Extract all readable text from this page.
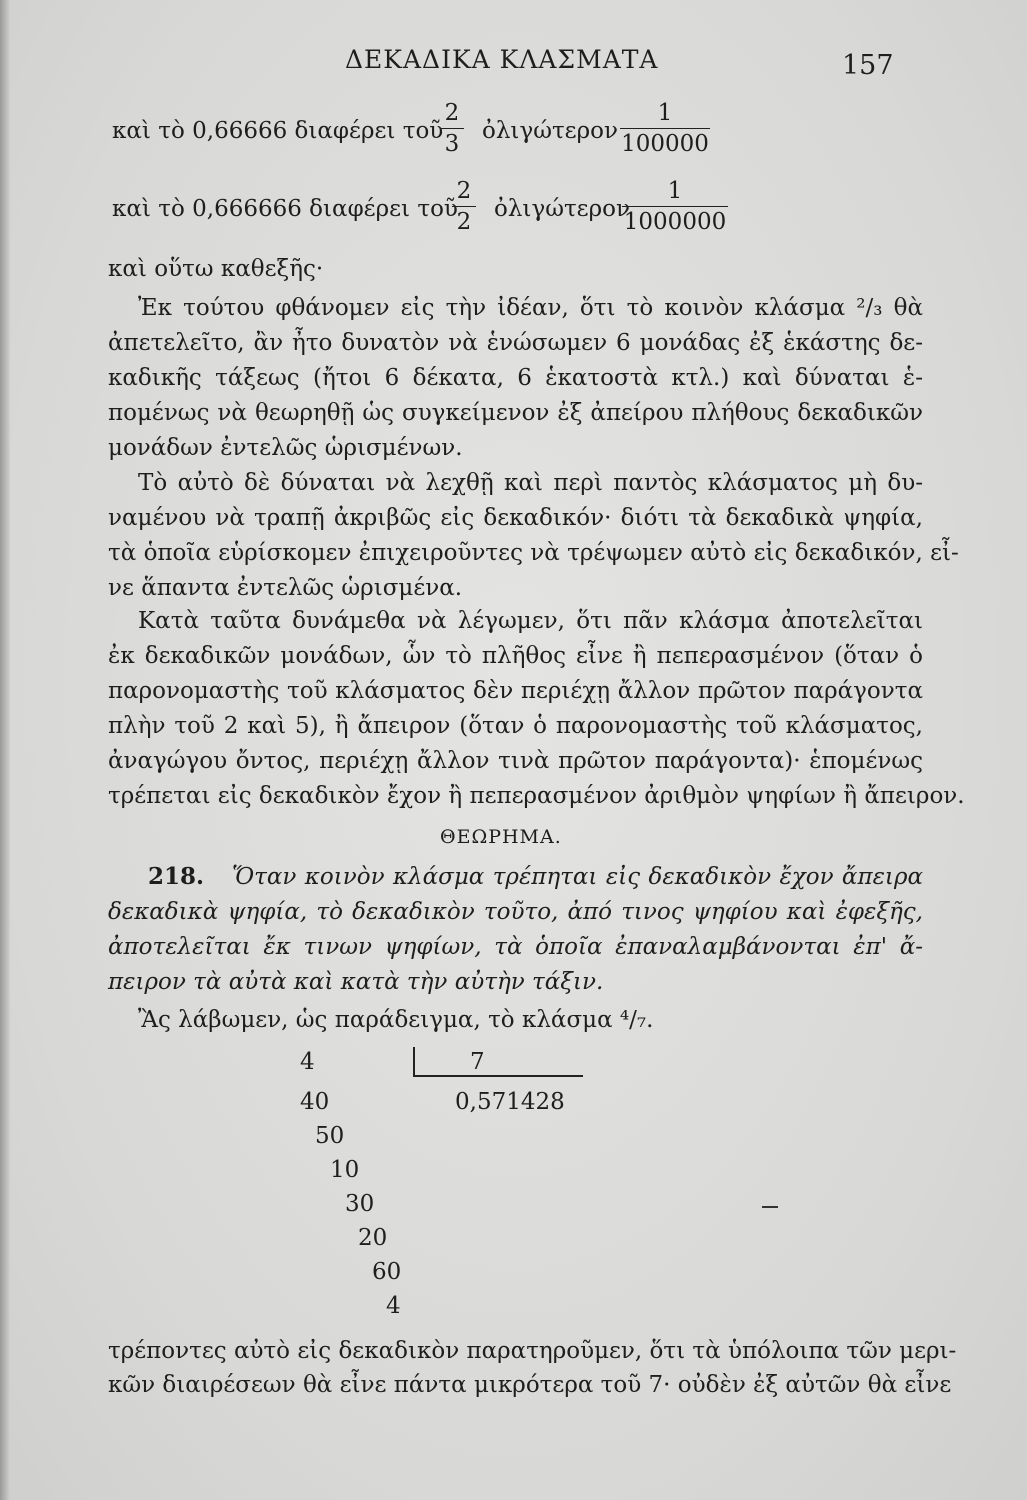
ΔΕΚΑΔΙΚΑ ΚΛΑΣΜΑΤΑ	157
καὶ τὸ 0,66666 διαφέρει τοῦ
$\frac{2}{3}$ ὀλιγώτερον $\frac{1}{100000}$
καὶ τὸ 0,666666 διαφέρει τοῦ
$\frac{2}{2}$ ὀλιγώτερον
$\frac{1}{1000000}$
καὶ οὕτω καθεξῆς·
Ἐκ τούτου φθάνομεν εἰς τὴν ἰδέαν, ὅτι τὸ κοινὸν κλάσμα ²/₃ θὰ
ἀπετελεῖτο, ἂν ἦτο δυνατὸν νὰ ἑνώσωμεν 6 μονάδας ἐξ ἑκάστης δε-
καδικῆς τάξεως (ἤτοι 6 δέκατα, 6 ἑκατοστὰ κτλ.) καὶ δύναται ἑ-
πομένως νὰ θεωρηθῇ ὡς συγκείμενον ἐξ ἀπείρου πλήθους δεκαδικῶν
μονάδων ἐντελῶς ὡρισμένων.
Τὸ αὐτὸ δὲ δύναται νὰ λεχθῇ καὶ περὶ παντὸς κλάσματος μὴ δυ-
ναμένου νὰ τραπῇ ἀκριβῶς εἰς δεκαδικόν· διότι τὰ δεκαδικὰ ψηφία,
τὰ ὁποῖα εὑρίσκομεν ἐπιχειροῦντες νὰ τρέψωμεν αὐτὸ εἰς δεκαδικόν, εἶ-
νε ἅπαντα ἐντελῶς ὡρισμένα.
Κατὰ ταῦτα δυνάμεθα νὰ λέγωμεν, ὅτι πᾶν κλάσμα ἀποτελεῖται
ἐκ δεκαδικῶν μονάδων, ὧν τὸ πλῆθος εἶνε ἢ πεπερασμένον (ὅταν ὁ
παρονομαστὴς τοῦ κλάσματος δὲν περιέχῃ ἄλλον πρῶτον παράγοντα
πλὴν τοῦ 2 καὶ 5), ἢ ἄπειρον (ὅταν ὁ παρονομαστὴς τοῦ κλάσματος,
ἀναγώγου ὄντος, περιέχῃ ἄλλον τινὰ πρῶτον παράγοντα)· ἑπομένως
τρέπεται εἰς δεκαδικὸν ἔχον ἢ πεπερασμένον ἀριθμὸν ψηφίων ἢ ἄπειρον.
ΘΕΩΡΗΜΑ.
218. Ὅταν κοινὸν κλάσμα τρέπηται εἰς δεκαδικὸν ἔχον ἄπειρα
δεκαδικὰ ψηφία, τὸ δεκαδικὸν τοῦτο, ἀπό τινος ψηφίου καὶ ἐφεξῆς,
ἀποτελεῖται ἔκ τινων ψηφίων, τὰ ὁποῖα ἐπαναλαμβάνονται ἐπ' ἄ-
πειρον τὰ αὐτὰ καὶ κατὰ τὴν αὐτὴν τάξιν.
Ἂς λάβωμεν, ὡς παράδειγμα, τὸ κλάσμα ⁴/₇.
4
40
50
10
30
20
60
4
7
0,571428
τρέποντες αὐτὸ εἰς δεκαδικὸν παρατηροῦμεν, ὅτι τὰ ὑπόλοιπα τῶν μερι-
κῶν διαιρέσεων θὰ εἶνε πάντα μικρότερα τοῦ 7· οὐδὲν ἐξ αὐτῶν θὰ εἶνε
